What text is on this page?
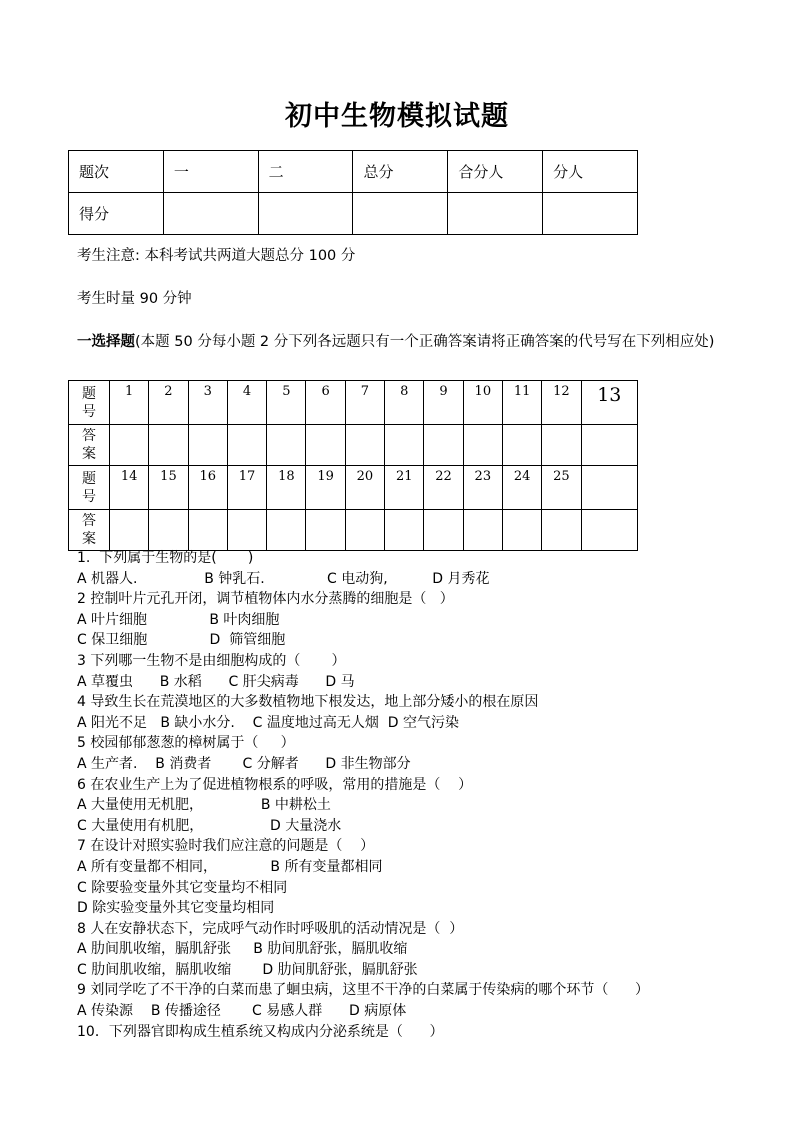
初中生物模拟试题
题次	一	二	总分	合分人	分人
得分					
考生注意: 本科考试共两道大题总分 100 分
考生时量 90 分钟
一选择题(本题 50 分每小题 2 分下列各远题只有一个正确答案请将正确答案的代号写在下列相应处)
题
号	1	2	3	4	5	6	7	8	9	10	11	12	13
答
案													
题
号	14	15	16	17	18	19	20	21	22	23	24	25	
答
案													
1.  下列属于生物的是(       )
A 机器人.               B 钟乳石.              C 电动狗,          D 月秀花
2 控制叶片元孔开闭，调节植物体内水分蒸腾的细胞是（   ）
A 叶片细胞              B 叶肉细胞
C 保卫细胞              D  筛管细胞
3 下列哪一生物不是由细胞构成的（       ）
A 草覆虫      B 水稻      C 肝尖病毒      D 马
4 导致生长在荒漠地区的大多数植物地下根发达，地上部分矮小的根在原因
A 阳光不足   B 缺小水分.    C 温度地过高无人烟  D 空气污染
5 校园郁郁葱葱的樟树属于（     ）
A 生产者.    B 消费者       C 分解者      D 非生物部分
6 在农业生产上为了促进植物根系的呼吸，常用的措施是（    ）
A 大量使用无机肥，             B 中耕松土
C 大量使用有机肥，               D 大量浇水
7 在设计对照实验时我们应注意的问题是（    ）
A 所有变量都不相同，            B 所有变量都相同
C 除要验变量外其它变量均不相同
D 除实验变量外其它变量均相同
8 人在安静状态下，完成呼气动作时呼吸肌的活动情况是（  ）
A 肋间肌收缩，膈肌舒张     B 肋间肌舒张，膈肌收缩
C 肋间肌收缩，膈肌收缩       D 肋间肌舒张，膈肌舒张
9 刘同学吃了不干净的白菜而患了蛔虫病，这里不干净的白菜属于传染病的哪个环节（      ）
A 传染源    B 传播途径       C 易感人群      D 病原体
10．下列器官即构成生植系统又构成内分泌系统是（      ）
